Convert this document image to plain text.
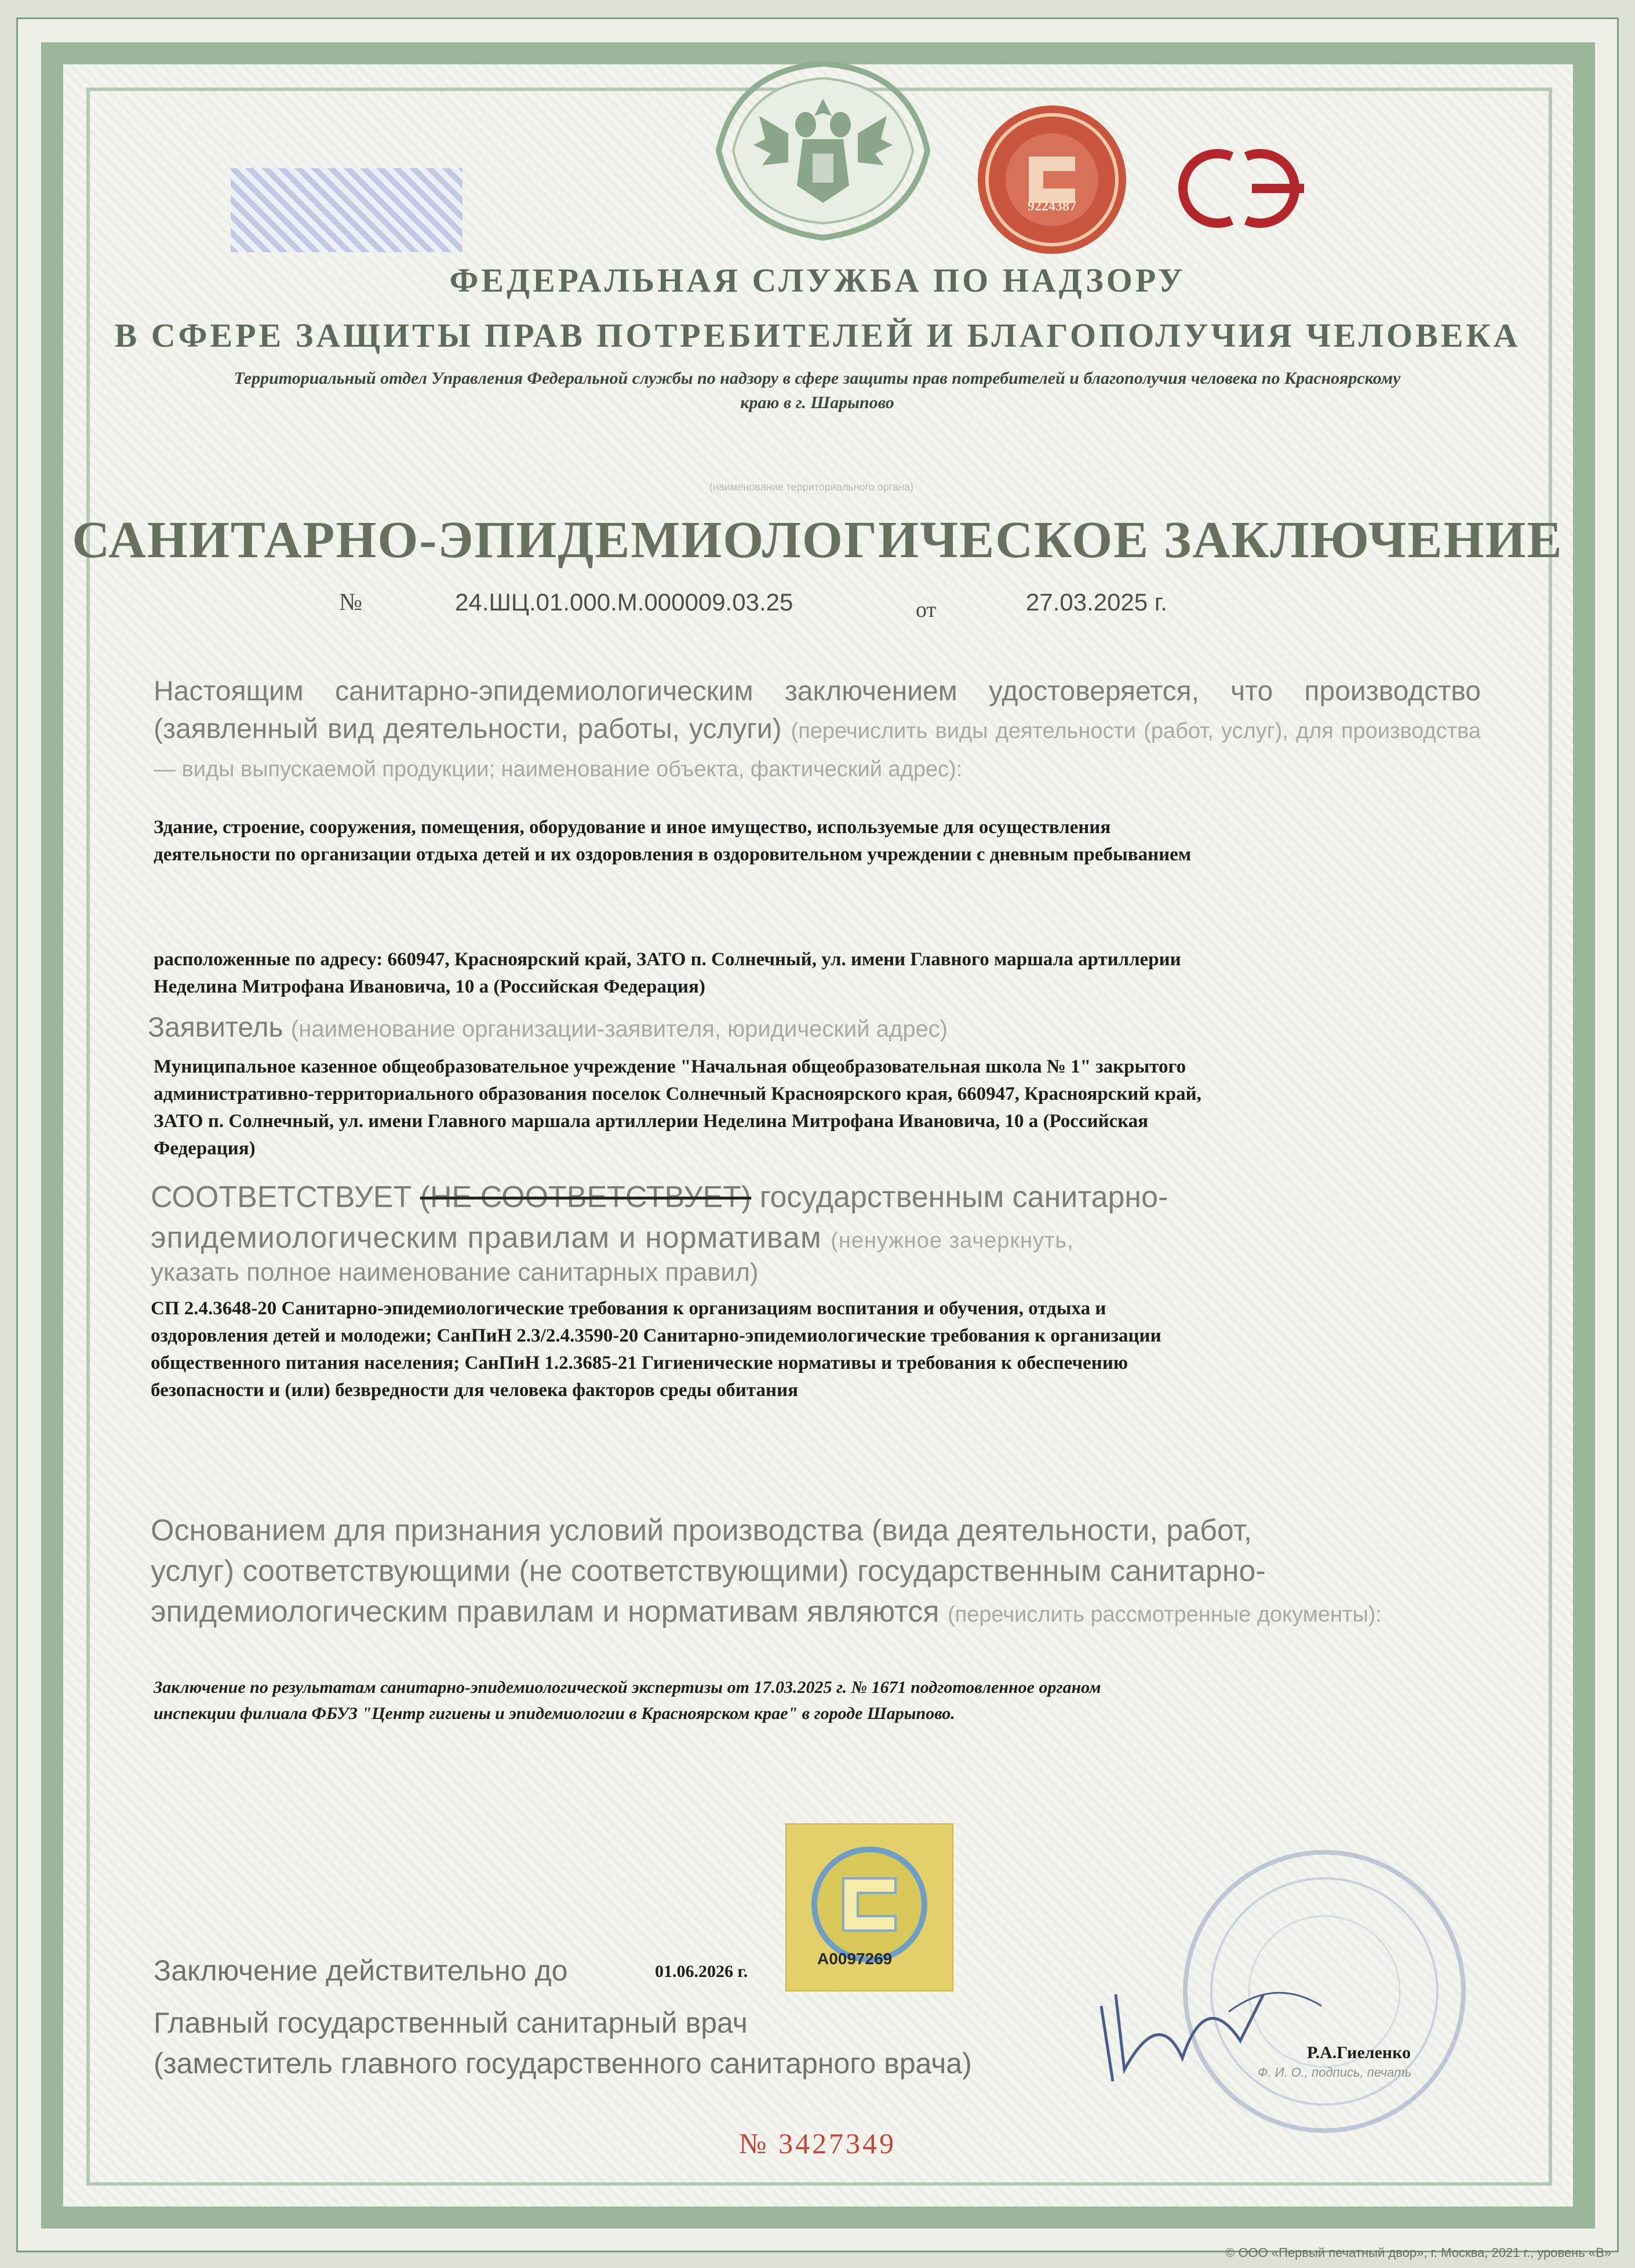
9224387
ФЕДЕРАЛЬНАЯ СЛУЖБА ПО НАДЗОРУ
В СФЕРЕ ЗАЩИТЫ ПРАВ ПОТРЕБИТЕЛЕЙ И БЛАГОПОЛУЧИЯ ЧЕЛОВЕКА
Территориальный отдел Управления Федеральной службы по надзору в сфере защиты прав потребителей и благополучия человека по Красноярскому краю в г. Шарыпово
(наименование территориального органа)
САНИТАРНО-ЭПИДЕМИОЛОГИЧЕСКОЕ ЗАКЛЮЧЕНИЕ
№	24.ШЦ.01.000.М.000009.03.25	от	27.03.2025 г.
Настоящим санитарно-эпидемиологическим заключением удостоверяется, что производство (заявленный вид деятельности, работы, услуги) (перечислить виды деятельности (работ, услуг), для производства — виды выпускаемой продукции; наименование объекта, фактический адрес):
Здание, строение, сооружения, помещения, оборудование и иное имущество, используемые для осуществления
деятельности по организации отдыха детей и их оздоровления в оздоровительном учреждении с дневным пребыванием
расположенные по адресу: 660947, Красноярский край, ЗАТО п. Солнечный, ул. имени Главного маршала артиллерии
Неделина Митрофана Ивановича, 10 а (Российская Федерация)
Заявитель (наименование организации-заявителя, юридический адрес)
Муниципальное казенное общеобразовательное учреждение "Начальная общеобразовательная школа № 1" закрытого
административно-территориального образования поселок Солнечный Красноярского края, 660947, Красноярский край,
ЗАТО п. Солнечный, ул. имени Главного маршала артиллерии Неделина Митрофана Ивановича, 10 а (Российская
Федерация)
СООТВЕТСТВУЕТ (НЕ СООТВЕТСТВУЕТ) государственным санитарно-
эпидемиологическим правилам и нормативам (ненужное зачеркнуть,
указать полное наименование санитарных правил)
СП 2.4.3648-20 Санитарно-эпидемиологические требования к организациям воспитания и обучения, отдыха и
оздоровления детей и молодежи; СанПиН 2.3/2.4.3590-20 Санитарно-эпидемиологические требования к организации
общественного питания населения; СанПиН 1.2.3685-21 Гигиенические нормативы и требования к обеспечению
безопасности и (или) безвредности для человека факторов среды обитания
Основанием для признания условий производства (вида деятельности, работ,
услуг) соответствующими (не соответствующими) государственным санитарно-
эпидемиологическим правилам и нормативам являются (перечислить рассмотренные документы):
Заключение по результатам санитарно-эпидемиологической экспертизы от 17.03.2025 г. № 1671 подготовленное органом
инспекции филиала ФБУЗ "Центр гигиены и эпидемиологии в Красноярском крае" в городе Шарыпово.
А0097269
Заключение действительно до	01.06.2026 г.
Главный государственный санитарный врач
(заместитель главного государственного санитарного врача)	Р.А.Гиеленко
Ф. И. О., подпись, печать
№ 3427349
© ООО «Первый печатный двор», г. Москва, 2021 г., уровень «В»
